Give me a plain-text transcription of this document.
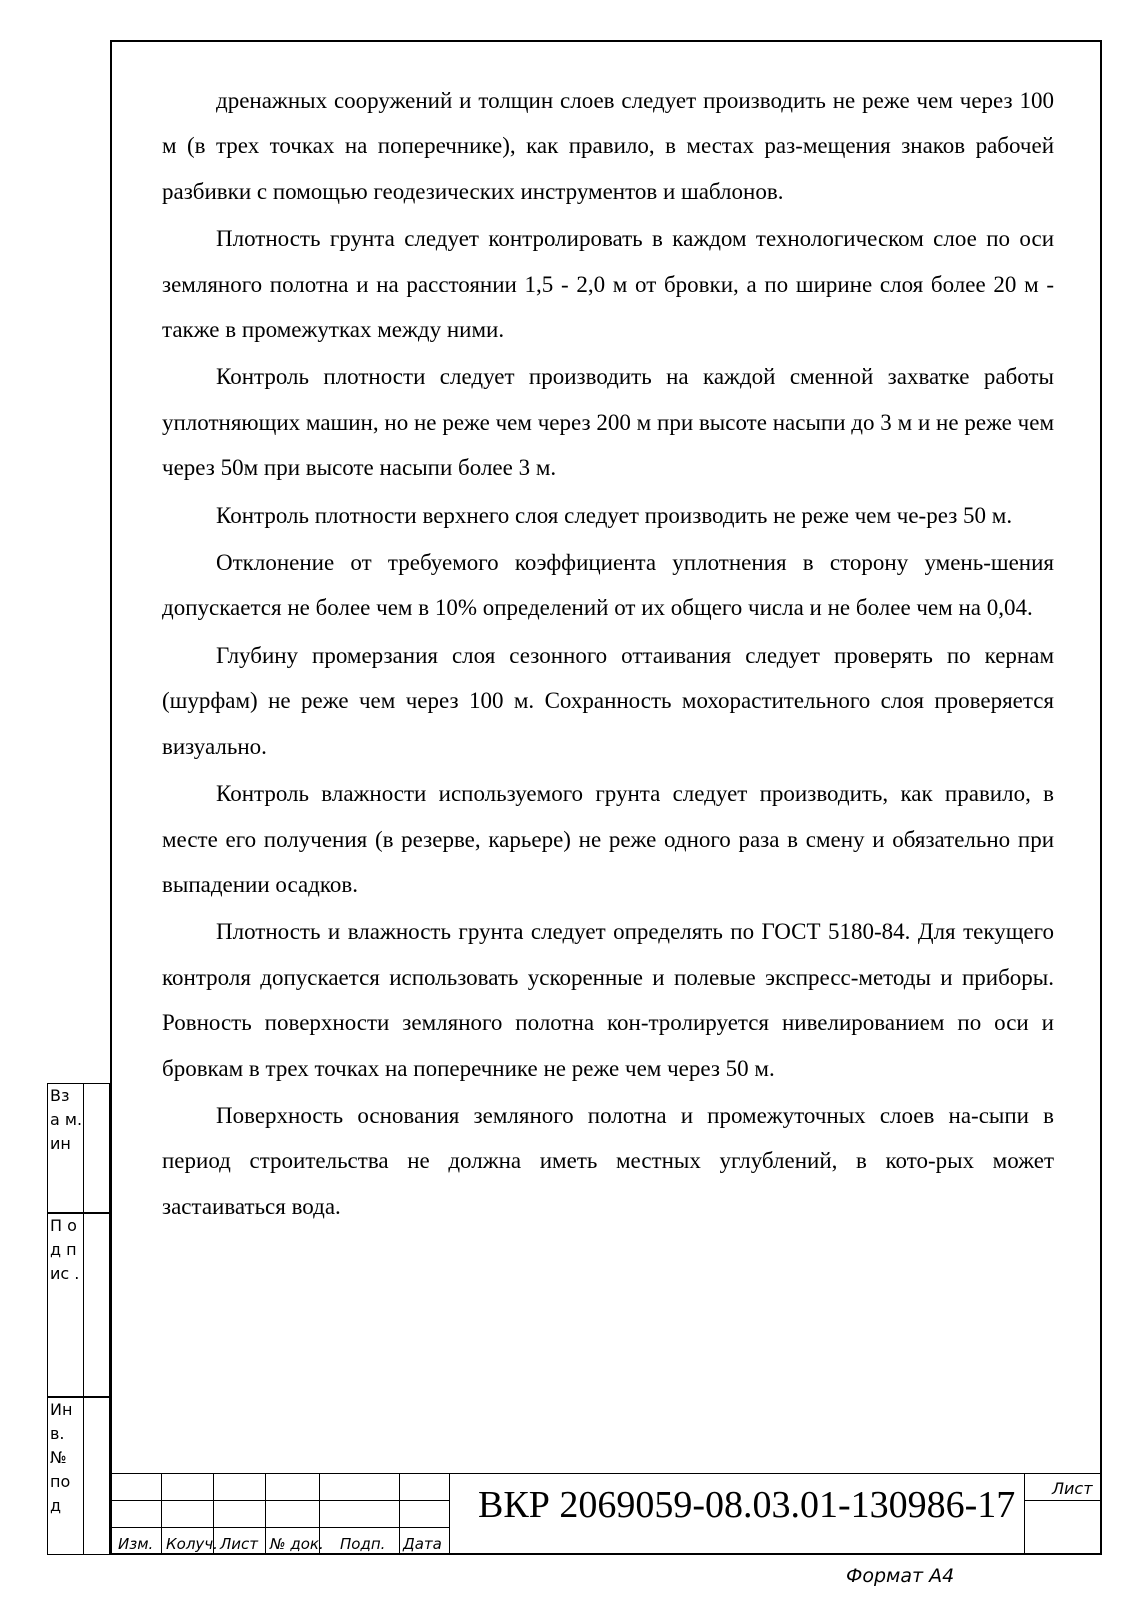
дренажных сооружений и толщин слоев следует производить не реже чем через 100 м (в трех точках на поперечнике), как правило, в местах раз-мещения знаков рабочей разбивки с помощью геодезических инструментов и шаблонов.

Плотность грунта следует контролировать в каждом технологическом слое по оси земляного полотна и на расстоянии 1,5 - 2,0 м от бровки, а по ширине слоя более 20 м - также в промежутках между ними.

Контроль плотности следует производить на каждой сменной захватке работы уплотняющих машин, но не реже чем через 200 м при высоте насыпи до 3 м и не реже чем через 50м при высоте насыпи более 3 м.

Контроль плотности верхнего слоя следует производить не реже чем че-рез 50 м.

Отклонение от требуемого коэффициента уплотнения в сторону умень-шения допускается не более чем в 10% определений от их общего числа и не более чем на 0,04.

Глубину промерзания слоя сезонного оттаивания следует проверять по кернам (шурфам) не реже чем через 100 м. Сохранность мохорастительного слоя проверяется визуально.

Контроль влажности используемого грунта следует производить, как правило, в месте его получения (в резерве, карьере) не реже одного раза в смену и обязательно при выпадении осадков.

Плотность и влажность грунта следует определять по ГОСТ 5180-84. Для текущего контроля допускается использовать ускоренные и полевые экспресс-методы и приборы. Ровность поверхности земляного полотна кон-тролируется нивелированием по оси и бровкам в трех точках на поперечнике не реже чем через 50 м.

Поверхность основания земляного полотна и промежуточных слоев на-сыпи в период строительства не должна иметь местных углублений, в кото-рых может застаиваться вода.

Вз а м. ин
П о д п ис .
Ин в. № по д
Изм. Колуч. Лист № док. Подп. Дата
ВКР 2069059-08.03.01-130986-17 Лист
Формат А4
